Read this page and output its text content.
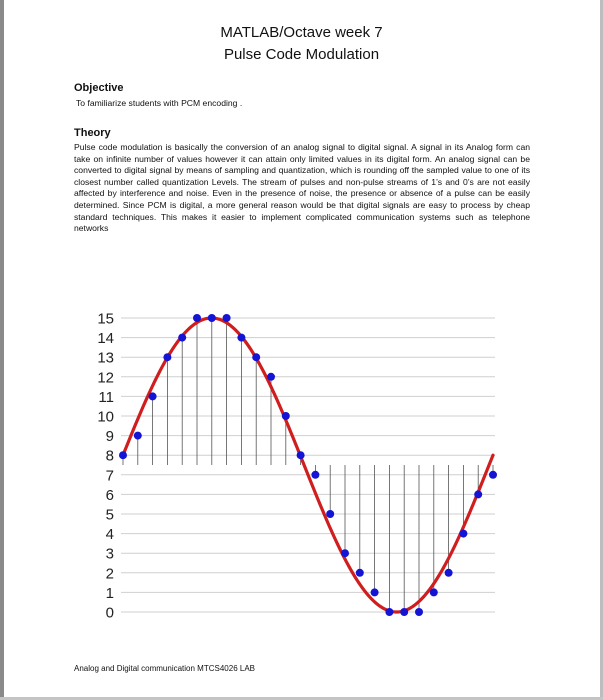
MATLAB/Octave week 7
Pulse Code Modulation
Objective
To familiarize students with PCM encoding .
Theory

Pulse code modulation is basically the conversion of an analog signal to digital signal. A signal in its Analog form can take on infinite number of values however it can attain only limited values in its digital form. An analog signal can be converted to digital signal by means of sampling and quantization, which is rounding off the sampled value to one of its closest number called quantization Levels. The stream of pulses and non-pulse streams of 1’s and 0’s are not easily affected by interference and noise. Even in the presence of noise, the presence or absence of a pulse can be easily determined. Since PCM is digital, a more general reason would be that digital signals are easy to process by cheap standard techniques. This makes it easier to implement complicated communication systems such as telephone networks

0
1
2
3
4
5
6
7
8
9
10
11
12
13
14
15
Analog and Digital communication MTCS4026 LAB
